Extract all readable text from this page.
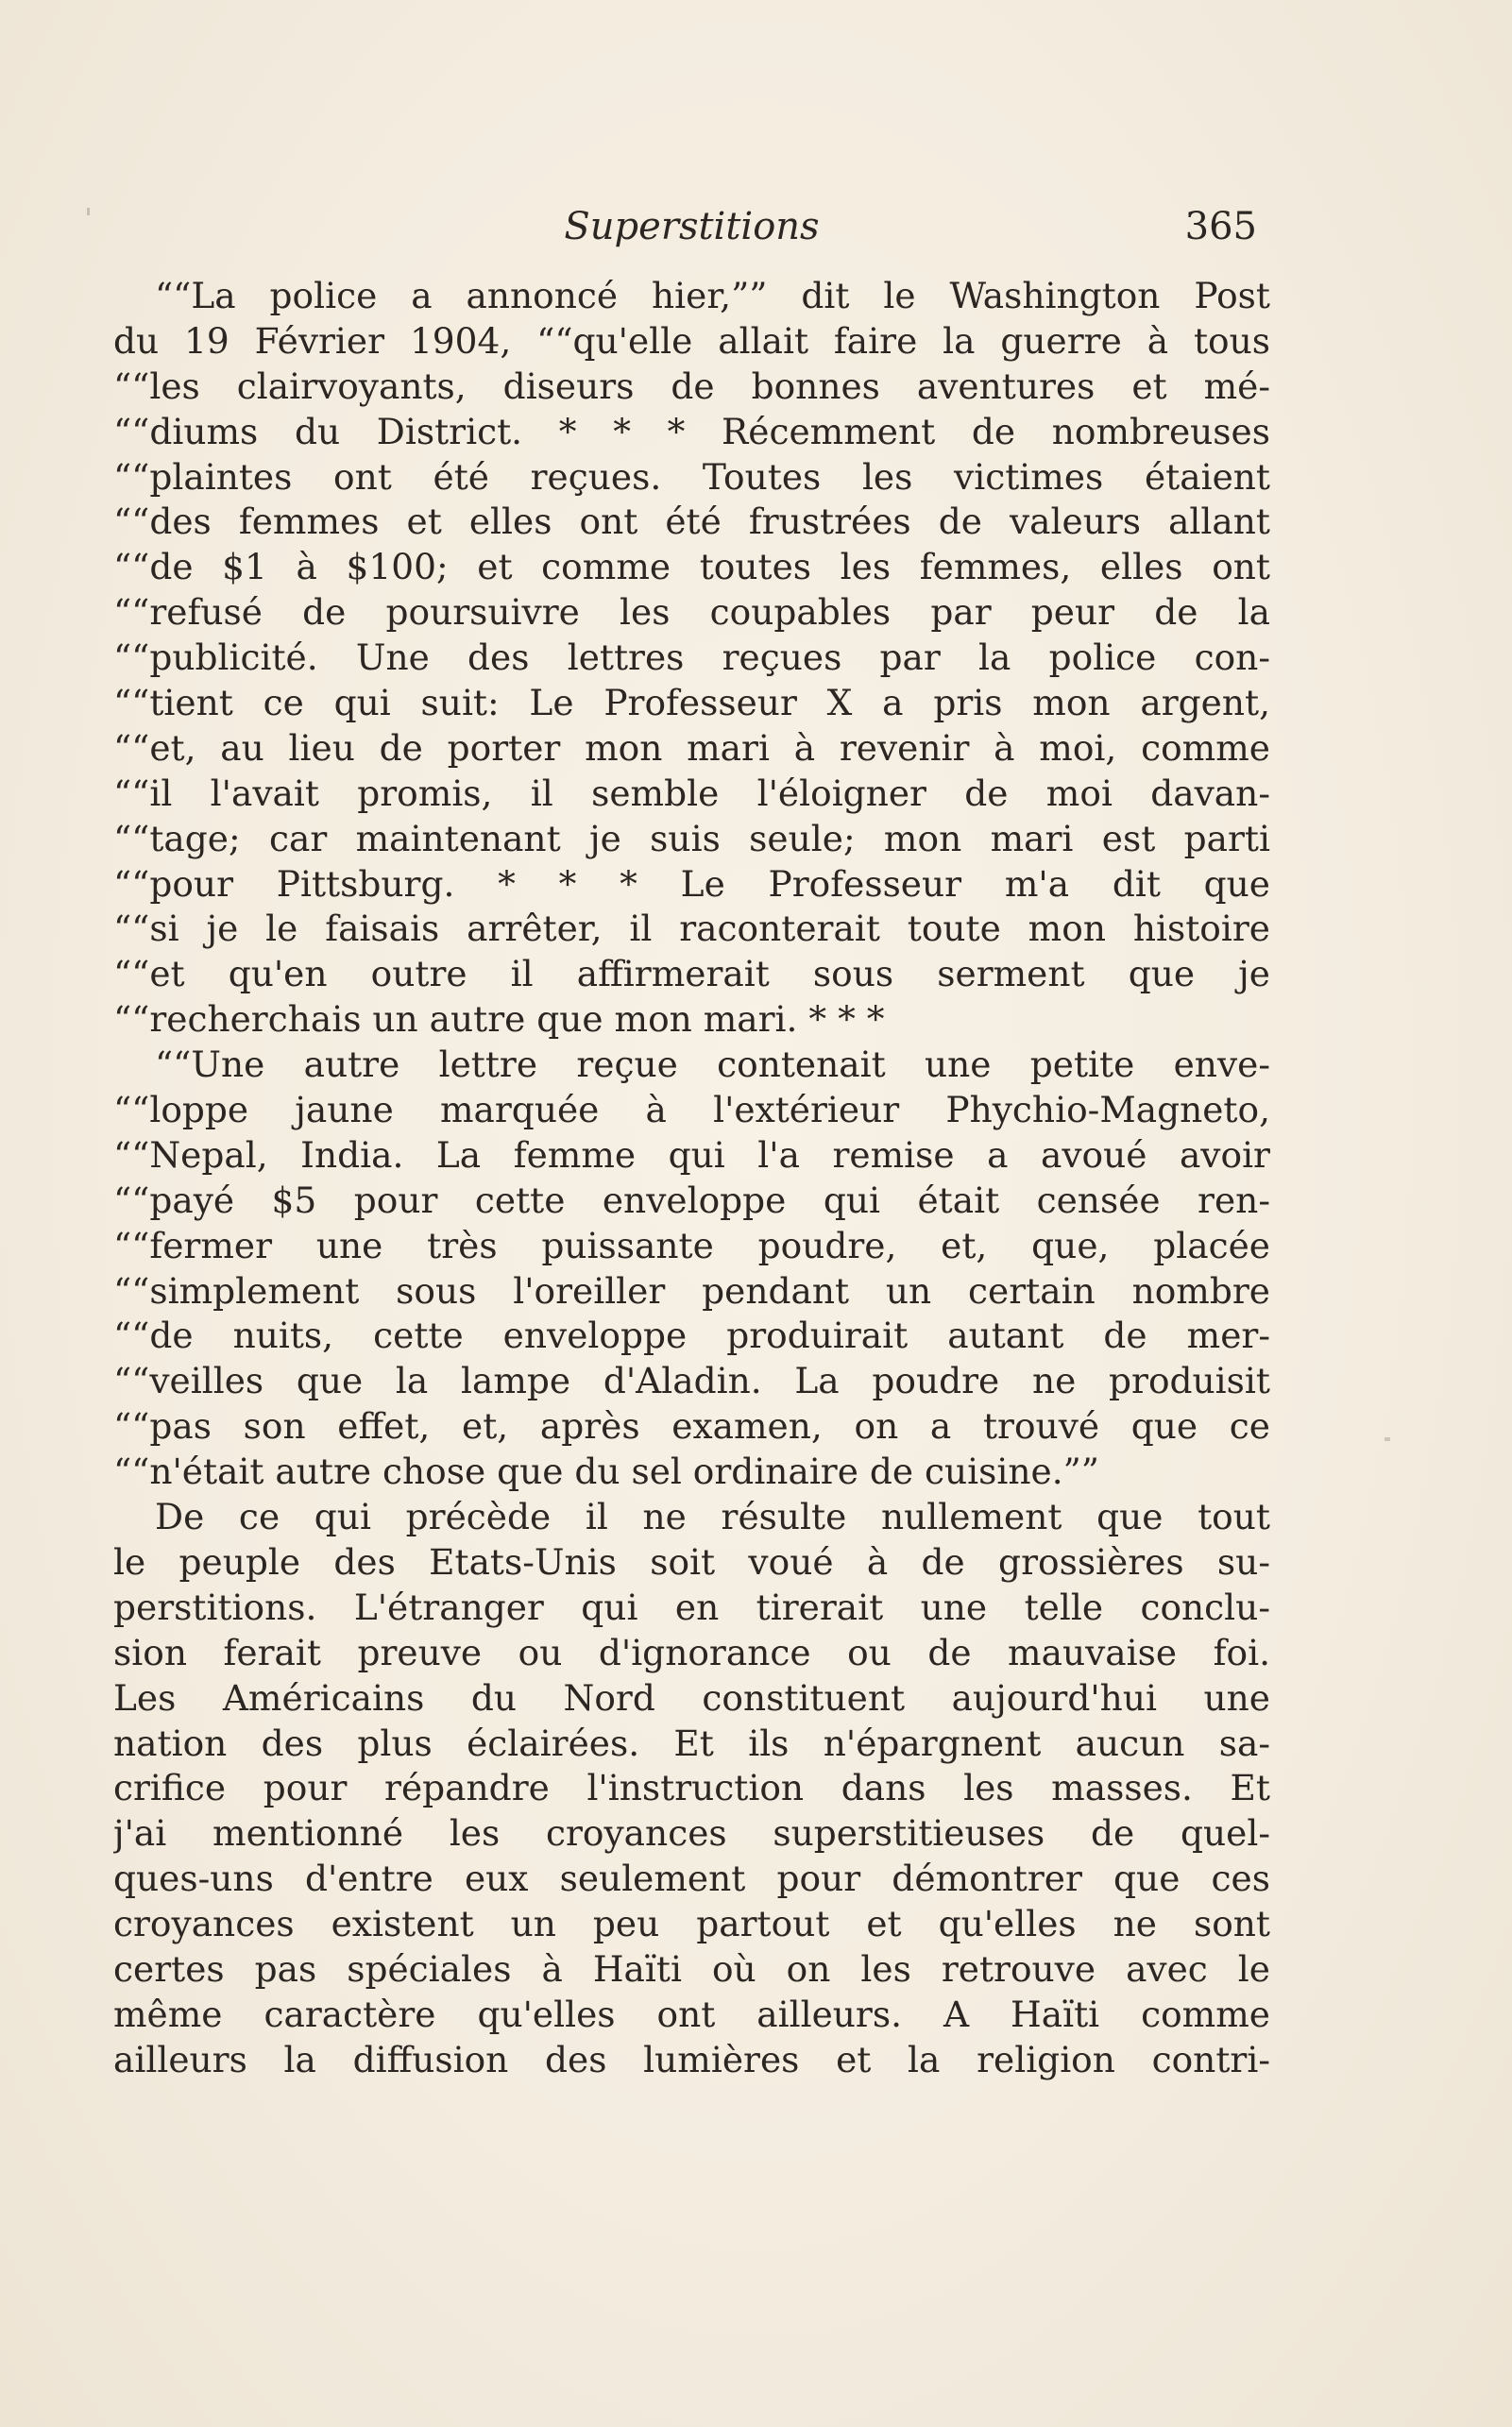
Superstitions	365
““La police a annoncé hier,”” dit le Washington Post
du 19 Février 1904, ““qu'elle allait faire la guerre à tous
““les clairvoyants, diseurs de bonnes aventures et mé-
““diums du District. * * * Récemment de nombreuses
““plaintes ont été reçues. Toutes les victimes étaient
““des femmes et elles ont été frustrées de valeurs allant
““de $1 à $100; et comme toutes les femmes, elles ont
““refusé de poursuivre les coupables par peur de la
““publicité. Une des lettres reçues par la police con-
““tient ce qui suit: Le Professeur X a pris mon argent,
““et, au lieu de porter mon mari à revenir à moi, comme
““il l'avait promis, il semble l'éloigner de moi davan-
““tage; car maintenant je suis seule; mon mari est parti
““pour Pittsburg. * * * Le Professeur m'a dit que
““si je le faisais arrêter, il raconterait toute mon histoire
““et qu'en outre il affirmerait sous serment que je
““recherchais un autre que mon mari. * * *
““Une autre lettre reçue contenait une petite enve-
““loppe jaune marquée à l'extérieur Phychio-Magneto,
““Nepal, India. La femme qui l'a remise a avoué avoir
““payé $5 pour cette enveloppe qui était censée ren-
““fermer une très puissante poudre, et, que, placée
““simplement sous l'oreiller pendant un certain nombre
““de nuits, cette enveloppe produirait autant de mer-
““veilles que la lampe d'Aladin. La poudre ne produisit
““pas son effet, et, après examen, on a trouvé que ce
““n'était autre chose que du sel ordinaire de cuisine.””
De ce qui précède il ne résulte nullement que tout
le peuple des Etats-Unis soit voué à de grossières su-
perstitions. L'étranger qui en tirerait une telle conclu-
sion ferait preuve ou d'ignorance ou de mauvaise foi.
Les Américains du Nord constituent aujourd'hui une
nation des plus éclairées. Et ils n'épargnent aucun sa-
crifice pour répandre l'instruction dans les masses. Et
j'ai mentionné les croyances superstitieuses de quel-
ques-uns d'entre eux seulement pour démontrer que ces
croyances existent un peu partout et qu'elles ne sont
certes pas spéciales à Haïti où on les retrouve avec le
même caractère qu'elles ont ailleurs. A Haïti comme
ailleurs la diffusion des lumières et la religion contri-
